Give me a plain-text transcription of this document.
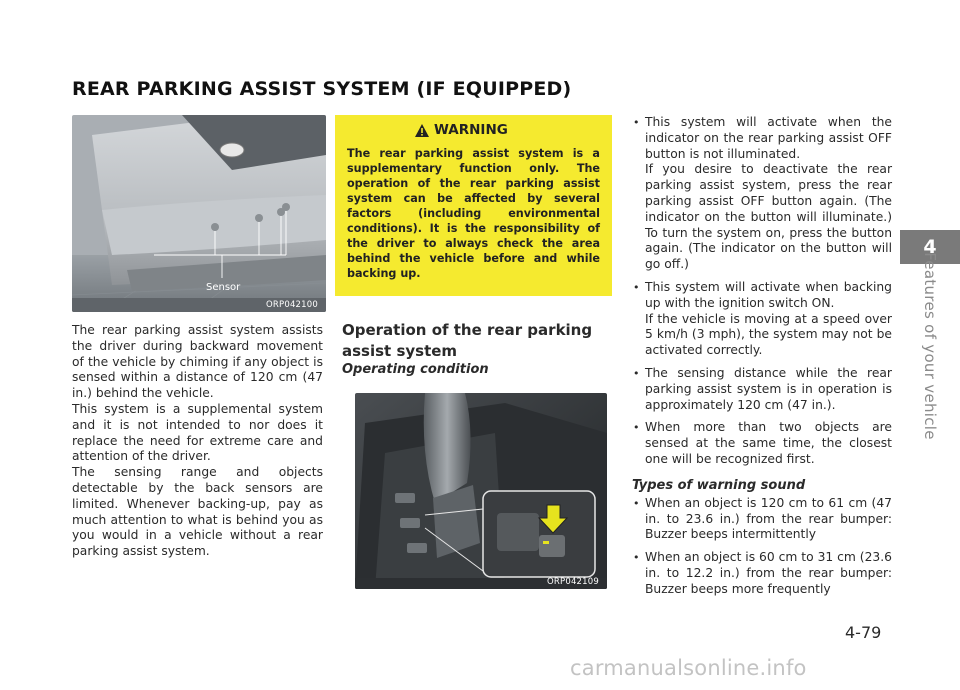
REAR PARKING ASSIST SYSTEM (IF EQUIPPED)
Sensor
ORP042100

The rear parking assist system assists the driver during backward movement of the vehicle by chiming if any object is sensed within a distance of 120 cm (47 in.) behind the vehicle.

This system is a supplemental system and it is not intended to nor does it replace the need for extreme care and attention of the driver.

The sensing range and objects detectable by the back sensors are limited. Whenever backing-up, pay as much attention to what is behind you as you would in a vehicle without a rear parking assist system.

WARNING
The rear parking assist system is a supplementary function only. The operation of the rear parking assist system can be affected by several factors (including environmental conditions). It is the responsibility of the driver to always check the area behind the vehicle before and while backing up.
Operation of the rear parking assist system
Operating condition
ORP042109
• This system will activate when the indicator on the rear parking assist OFF button is not illuminated.
If you desire to deactivate the rear parking assist system, press the rear parking assist OFF button again. (The indicator on the button will illuminate.) To turn the system on, press the button again. (The indicator on the button will go off.)
• This system will activate when backing up with the ignition switch ON.
If the vehicle is moving at a speed over 5 km/h (3 mph), the system may not be activated correctly.
• The sensing distance while the rear parking assist system is in operation is approximately 120 cm (47 in.).
• When more than two objects are sensed at the same time, the closest one will be recognized first.
Types of warning sound
• When an object is 120 cm to 61 cm (47 in. to 23.6 in.) from the rear bumper: Buzzer beeps intermittently
• When an object is 60 cm to 31 cm (23.6 in. to 12.2 in.) from the rear bumper: Buzzer beeps more frequently
4
Features of your vehicle
4-79
carmanualsonline.info
